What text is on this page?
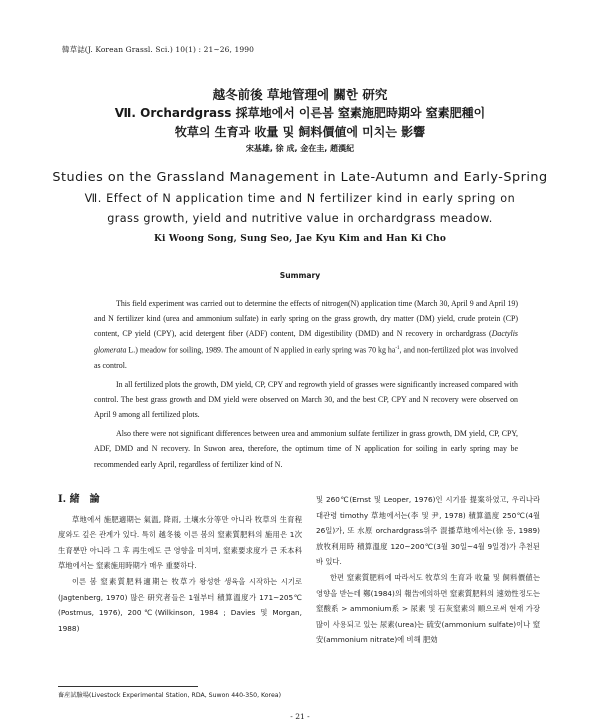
韓草誌(J. Korean Grassl. Sci.) 10(1) : 21~26, 1990
越冬前後 草地管理에 關한 研究
Ⅶ. Orchardgrass 採草地에서 이른봄 窒素施肥時期와 窒素肥種이
牧草의 生育과 收量 및 飼料價値에 미치는 影響
宋基雄, 徐 成, 金在圭, 趙漢紀
Studies on the Grassland Management in Late-Autumn and Early-Spring
Ⅶ. Effect of N application time and N fertilizer kind in early spring on
grass growth, yield and nutritive value in orchardgrass meadow.
Ki Woong Song, Sung Seo, Jae Kyu Kim and Han Ki Cho
Summary

This field experiment was carried out to determine the effects of nitrogen(N) application time (March 30, April 9 and April 19) and N fertilizer kind (urea and ammonium sulfate) in early spring on the grass growth, dry matter (DM) yield, crude protein (CP) content, CP yield (CPY), acid detergent fiber (ADF) content, DM digestibility (DMD) and N recovery in orchardgrass (Dactylis glomerata L.) meadow for soiling, 1989. The amount of N applied in early spring was 70 kg $ha^{-1}$, and non-fertilized plot was involved as control.

In all fertilized plots the growth, DM yield, CP, CPY and regrowth yield of grasses were significantly increased compared with control. The best grass growth and DM yield were observed on March 30, and the best CP, CPY and N recovery were observed on April 9 among all fertilized plots.

Also there were not significant differences between urea and ammonium sulfate fertilizer in grass growth, DM yield, CP, CPY, ADF, DMD and N recovery. In Suwon area, therefore, the optimum time of N application for soiling in early spring may be recommended early April, regardless of fertilizer kind of N.

Ⅰ. 緒　論

草地에서 施肥適期는 氣温, 降雨, 土壤水分等만 아니라 牧草의 生育程度와도 깊은 관계가 있다. 특히 越冬後 이른 봄의 窒素質肥料의 施用은 1次 生育뿐만 아니라 그 후 再生에도 큰 영향을 미치며, 窒素要求度가 큰 禾本科草地에서는 窒素施用時期가 매우 重要하다.

이른 봄 窒素質肥料適期는 牧草가 왕성한 생육을 시작하는 시기로(Jagtenberg, 1970) 많은 研究者들은 1월부터 積算溫度가 171~205℃(Postmus, 1976), 200℃(Wilkinson, 1984 ; Davies 및 Morgan, 1988)

및 260℃(Ernst 및 Leoper, 1976)인 시기를 提案하였고, 우리나라 대관령 timothy 草地에서는(李 및 尹, 1978) 積算溫度 250℃(4월 26일)가, 또 水原 orchardgrass위주 混播草地에서는(徐 등, 1989) 放牧利用時 積算溫度 120~200℃(3월 30일~4월 9일경)가 추천된 바 있다.

한편 窒素質肥料에 따라서도 牧草의 生育과 收量 및 飼料價値는 영향을 받는데 鄭(1984)의 報告에의하면 窒素質肥料의 速効性정도는 窒酸系 > ammonium系 > 尿素 및 石灰窒素의 順으로써 현재 가장 많이 사용되고 있는 尿素(urea)는 硫安(ammonium sulfate)이나 窒安(ammonium nitrate)에 비해 肥効

畜産試驗場(Livestock Experimental Station, RDA, Suwon 440-350, Korea)
- 21 -
